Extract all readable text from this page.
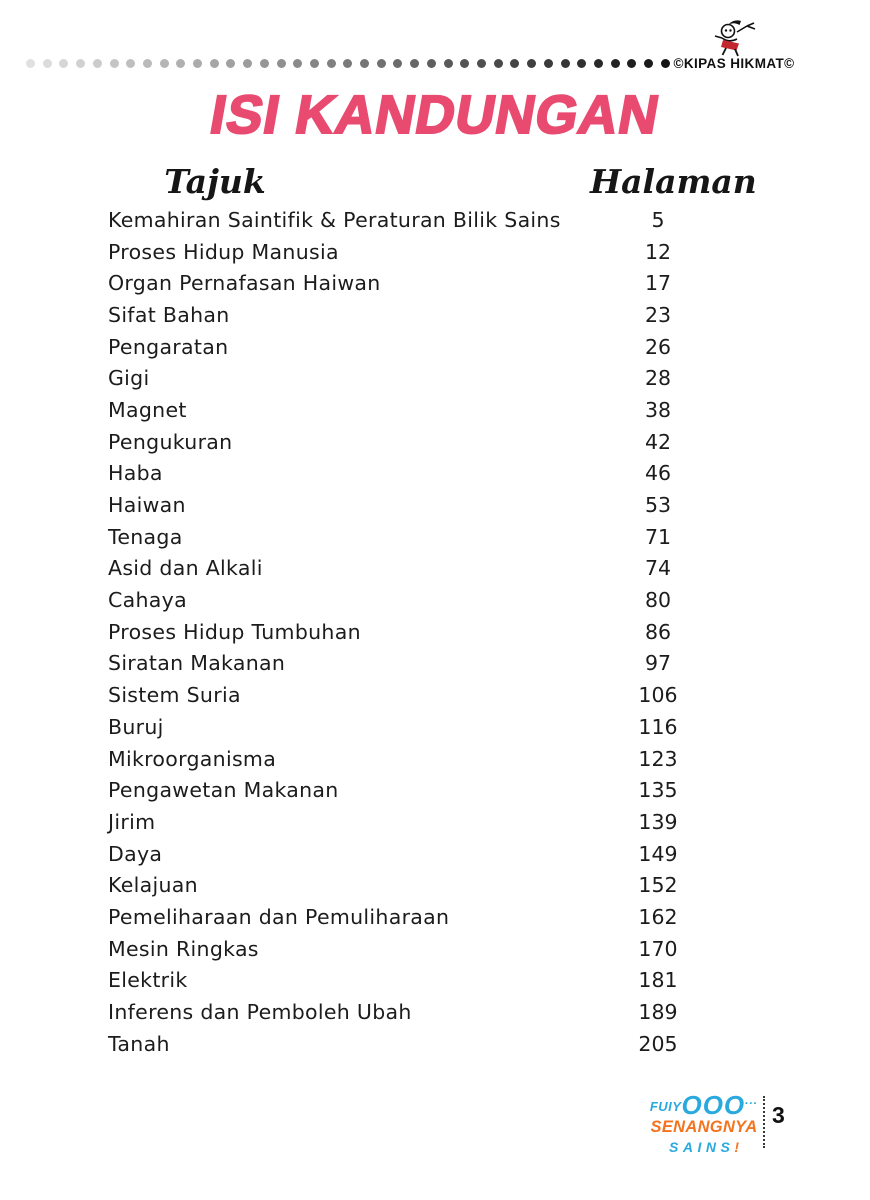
©KIPAS HIKMAT©
ISI KANDUNGAN
Tajuk	Halaman
Kemahiran Saintifik & Peraturan Bilik Sains	5
Proses Hidup Manusia	12
Organ Pernafasan Haiwan	17
Sifat Bahan	23
Pengaratan	26
Gigi	28
Magnet	38
Pengukuran	42
Haba	46
Haiwan	53
Tenaga	71
Asid dan Alkali	74
Cahaya	80
Proses Hidup Tumbuhan	86
Siratan Makanan	97
Sistem Suria	106
Buruj	116
Mikroorganisma	123
Pengawetan Makanan	135
Jirim	139
Daya	149
Kelajuan	152
Pemeliharaan dan Pemuliharaan	162
Mesin Ringkas	170
Elektrik	181
Inferens dan Pemboleh Ubah	189
Tanah	205
FUIYOOO...
SENANGNYA
SAINS!
3
